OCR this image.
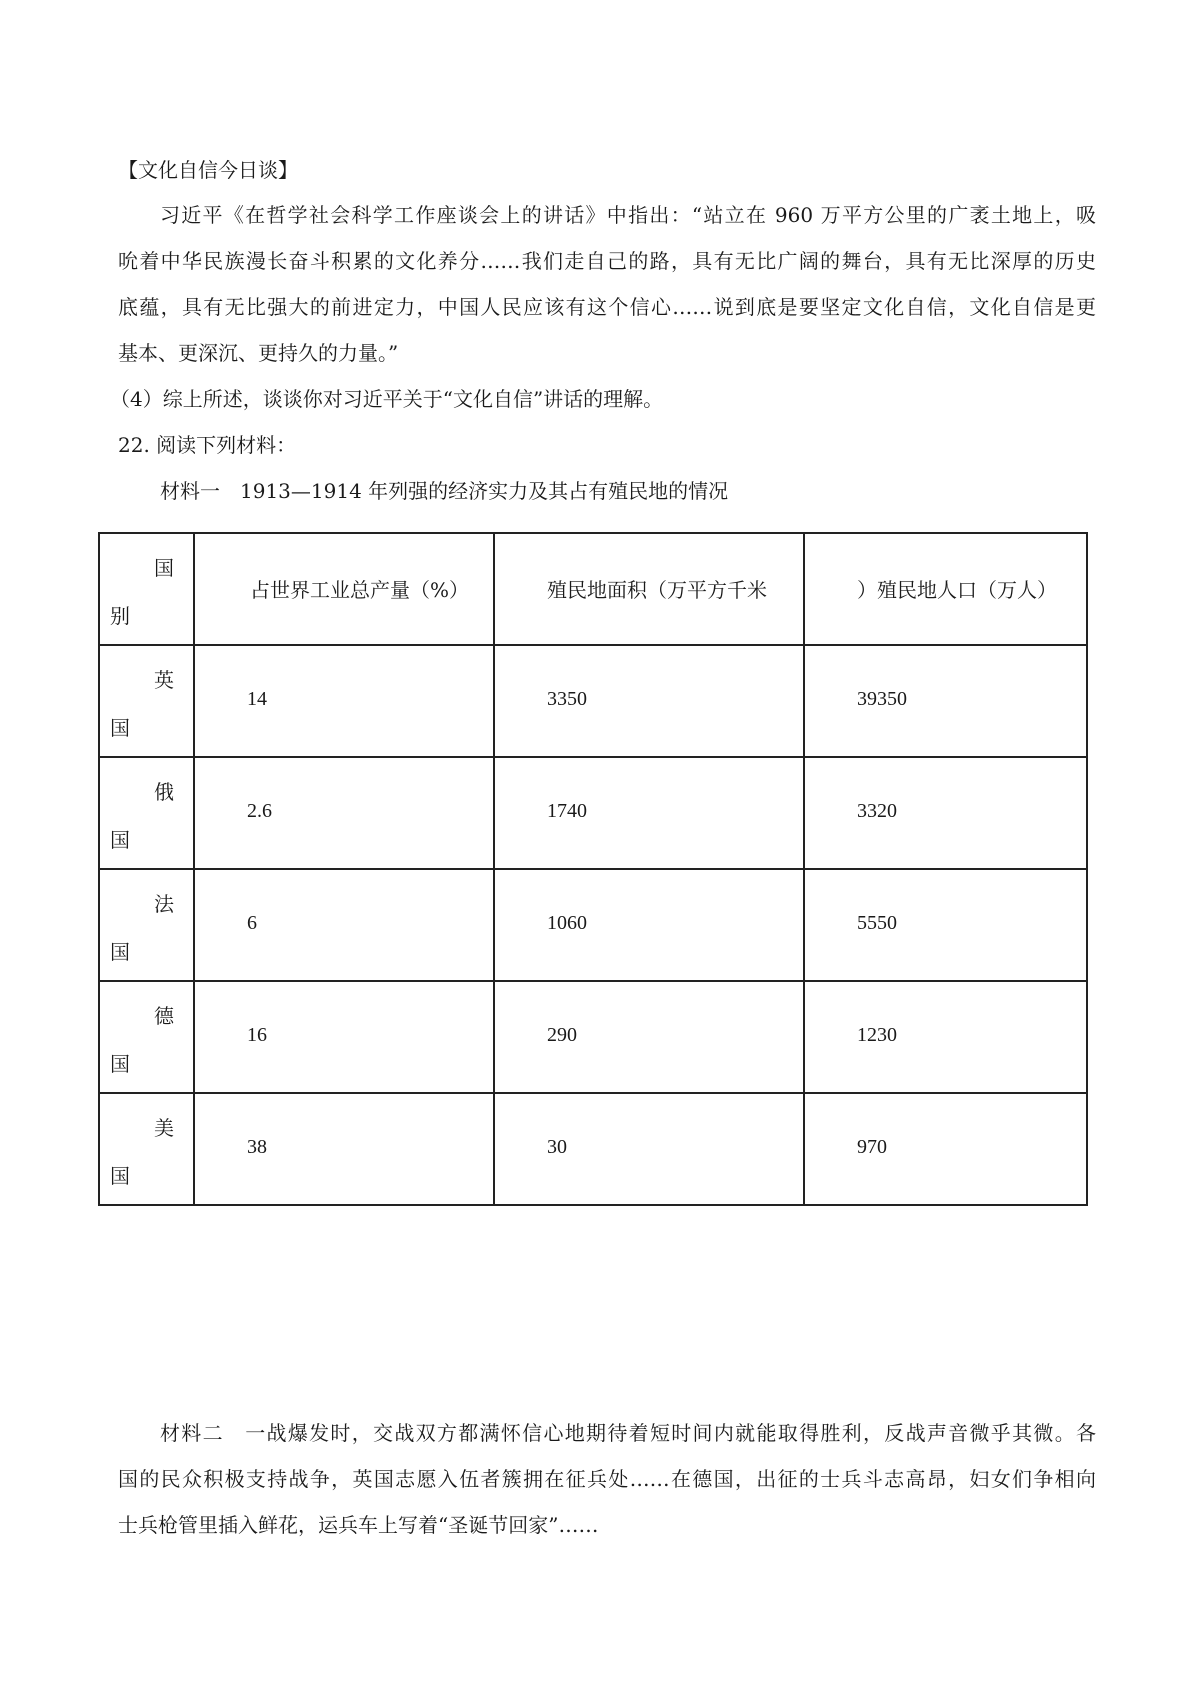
【文化自信今日谈】
习近平《在哲学社会科学工作座谈会上的讲话》中指出：“站立在 960 万平方公里的广袤土地上，吸
吮着中华民族漫长奋斗积累的文化养分……我们走自己的路，具有无比广阔的舞台，具有无比深厚的历史
底蕴，具有无比强大的前进定力，中国人民应该有这个信心……说到底是要坚定文化自信，文化自信是更
基本、更深沉、更持久的力量。”
（4）综上所述，谈谈你对习近平关于“文化自信”讲话的理解。
22. 阅读下列材料：
材料一　1913—1914 年列强的经济实力及其占有殖民地的情况
国
别	占世界工业总产量（%）	殖民地面积（万平方千米	）殖民地人口（万人）

英
国	14	3350	39350

俄
国	2.6	1740	3320

法
国	6	1060	5550

德
国	16	290	1230

美
国	38	30	970
材料二　一战爆发时，交战双方都满怀信心地期待着短时间内就能取得胜利，反战声音微乎其微。各
国的民众积极支持战争，英国志愿入伍者簇拥在征兵处……在德国，出征的士兵斗志高昂，妇女们争相向
士兵枪管里插入鲜花，运兵车上写着“圣诞节回家”……
